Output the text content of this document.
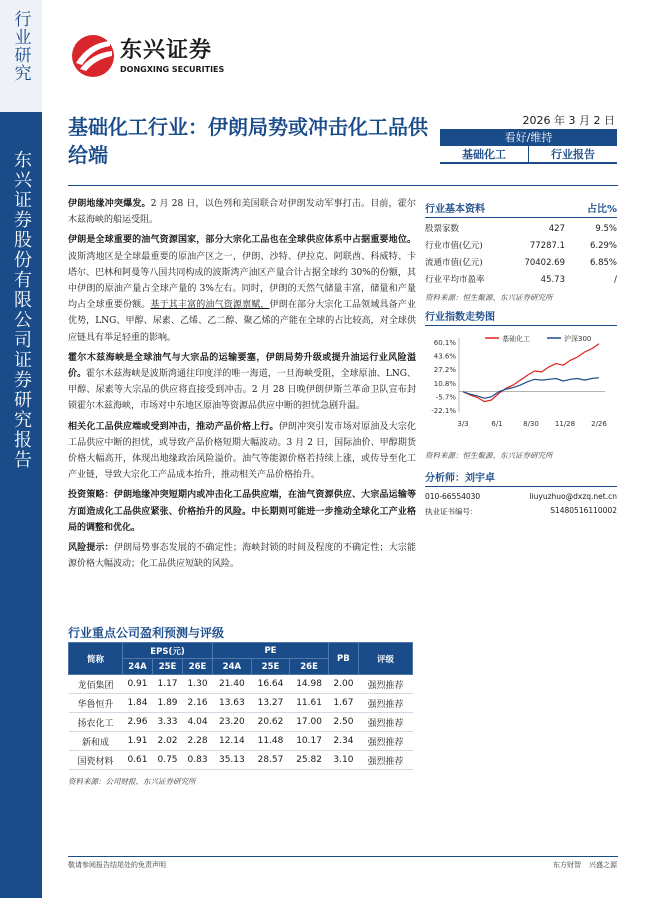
行业研究
东兴证券股份有限公司证券研究报告
东兴证券
DONGXING SECURITIES
基础化工行业：伊朗局势或冲击化工品供给端
2026 年 3 月 2 日
看好/维持
基础化工	行业报告

伊朗地缘冲突爆发。2 月 28 日，以色列和美国联合对伊朗发动军事打击。目前，霍尔木兹海峡的船运受阻。

伊朗是全球重要的油气资源国家，部分大宗化工品也在全球供应体系中占据重要地位。波斯湾地区是全球最重要的原油产区之一，伊朗、沙特、伊拉克、阿联酋、科威特、卡塔尔、巴林和阿曼等八国共同构成的波斯湾产油区产量合计占据全球约 30%的份额，其中伊朗的原油产量占全球产量的 3%左右。同时，伊朗的天然气储量丰富，储量和产量均占全球重要份额。基于其丰富的油气资源禀赋，伊朗在部分大宗化工品领域具备产业优势，LNG、甲醇、尿素、乙烯、乙二醇、聚乙烯的产能在全球的占比较高，对全球供应链具有举足轻重的影响。

霍尔木兹海峡是全球油气与大宗品的运输要塞，伊朗局势升级或提升油运行业风险溢价。霍尔木兹海峡是波斯湾通往印度洋的唯一海道，一旦海峡受阻，全球原油、LNG、甲醇、尿素等大宗品的供应将直接受到冲击。2 月 28 日晚伊朗伊斯兰革命卫队宣布封锁霍尔木兹海峡，市场对中东地区原油等资源品供应中断的担忧急剧升温。

相关化工品供应端或受到冲击，推动产品价格上行。伊朗冲突引发市场对原油及大宗化工品供应中断的担忧，或导致产品价格短期大幅波动。3 月 2 日，国际油价、甲醇期货价格大幅高开，体现出地缘政治风险溢价。油气等能源价格若持续上涨，或传导至化工产业链，导致大宗化工产品成本抬升，推动相关产品价格抬升。

投资策略：伊朗地缘冲突短期内或冲击化工品供应端，在油气资源供应、大宗品运输等方面造成化工品供应紧张、价格抬升的风险。中长期则可能进一步推动全球化工产业格局的调整和优化。

风险提示：伊朗局势事态发展的不确定性；海峡封锁的时间及程度的不确定性；大宗能源价格大幅波动；化工品供应短缺的风险。

行业基本资料	占比%
股票家数	427	9.5%
行业市值(亿元)	77287.1	6.29%
流通市值(亿元)	70402.69	6.85%
行业平均市盈率	45.73	/
资料来源：恒生聚源、东兴证券研究所
行业指数走势图
60.1%
43.6%
27.2%
10.8%
-5.7%
-22.1%
3/3	6/1	8/30 11/28 2/26
基础化工	沪深300
资料来源：恒生聚源、东兴证券研究所
分析师：刘宇卓
010-66554030	liuyuzhuo@dxzq.net.cn
执业证书编号：	S1480516110002
行业重点公司盈利预测与评级
简称	EPS(元)			PE			PB	评级
	24A	25E	26E	24A	25E	26E		
龙佰集团	0.91	1.17	1.30	21.40	16.64	14.98	2.00	强烈推荐
华鲁恒升	1.84	1.89	2.16	13.63	13.27	11.61	1.67	强烈推荐
扬农化工	2.96	3.33	4.04	23.20	20.62	17.00	2.50	强烈推荐
新和成	1.91	2.02	2.28	12.14	11.48	10.17	2.34	强烈推荐
国瓷材料	0.61	0.75	0.83	35.13	28.57	25.82	3.10	强烈推荐
资料来源：公司财报、东兴证券研究所
敬请参阅报告结尾处的免责声明	东方财智 兴盛之源
